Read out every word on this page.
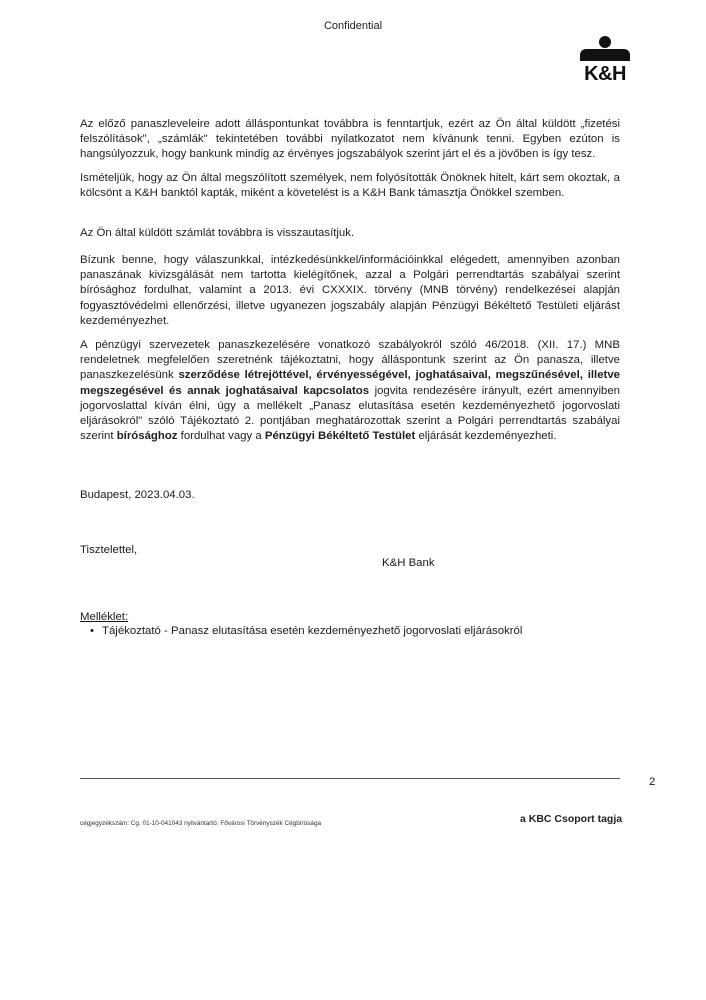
Confidential
K&H

Az előző panaszleveleire adott álláspontunkat továbbra is fenntartjuk, ezért az Ön által küldött „fizetési felszólítások", „számlák" tekintetében további nyilatkozatot nem kívánunk tenni. Egyben ezúton is hangsúlyozzuk, hogy bankunk mindig az érvényes jogszabályok szerint járt el és a jövőben is így tesz.

Ismételjük, hogy az Ön által megszólított személyek, nem folyósították Önöknek hitelt, kárt sem okoztak, a kölcsönt a K&H banktól kapták, miként a követelést is a K&H Bank támasztja Önökkel szemben.

Az Ön által küldött számlát továbbra is visszautasítjuk.

Bízunk benne, hogy válaszunkkal, intézkedésünkkel/információinkkal elégedett, amennyiben azonban panaszának kivizsgálását nem tartotta kielégítőnek, azzal a Polgári perrendtartás szabályai szerint bírósághoz fordulhat, valamint a 2013. évi CXXXIX. törvény (MNB törvény) rendelkezései alapján fogyasztóvédelmi ellenőrzési, illetve ugyanezen jogszabály alapján Pénzügyi Békéltető Testületi eljárást kezdeményezhet.

A pénzügyi szervezetek panaszkezelésére vonatkozó szabályokról szóló 46/2018. (XII. 17.) MNB rendeletnek megfelelően szeretnénk tájékoztatni, hogy álláspontunk szerint az Ön panasza, illetve panaszkezelésünk szerződése létrejöttével, érvényességével, joghatásaival, megszűnésével, illetve megszegésével és annak joghatásaival kapcsolatos jogvita rendezésére irányult, ezért amennyiben jogorvoslattal kíván élni, úgy a mellékelt „Panasz elutasítása esetén kezdeményezhető jogorvoslati eljárásokról" szóló Tájékoztató 2. pontjában meghatározottak szerint a Polgári perrendtartás szabályai szerint bírósághoz fordulhat vagy a Pénzügyi Békéltető Testület eljárását kezdeményezheti.

Budapest, 2023.04.03.
Tisztelettel,
K&H Bank
Melléklet:
• Tájékoztató - Panasz elutasítása esetén kezdeményezhető jogorvoslati eljárásokról
2
cégjegyzékszám: Cg. 01-10-041043 nyilvántartó: Fővárosi Törvényszék Cégbírósága	a KBC Csoport tagja
